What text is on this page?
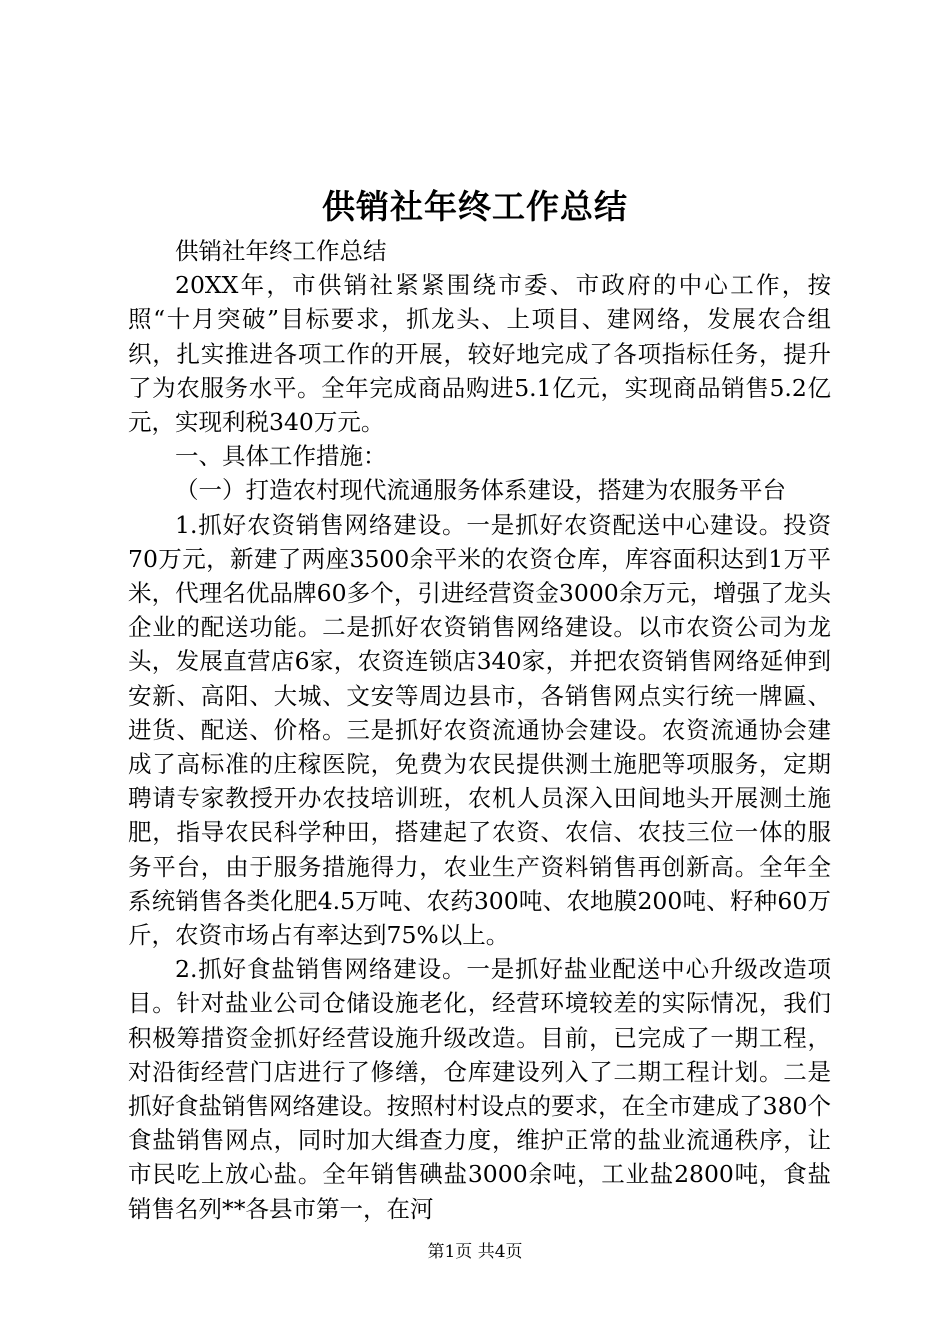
供销社年终工作总结

供销社年终工作总结

20XX年，市供销社紧紧围绕市委、市政府的中心工作，按照“十月突破”目标要求，抓龙头、上项目、建网络，发展农合组织，扎实推进各项工作的开展，较好地完成了各项指标任务，提升了为农服务水平。全年完成商品购进5.1亿元，实现商品销售5.2亿元，实现利税340万元。

一、具体工作措施：

（一）打造农村现代流通服务体系建设，搭建为农服务平台

1.抓好农资销售网络建设。一是抓好农资配送中心建设。投资70万元，新建了两座3500余平米的农资仓库，库容面积达到1万平米，代理名优品牌60多个，引进经营资金3000余万元，增强了龙头企业的配送功能。二是抓好农资销售网络建设。以市农资公司为龙头，发展直营店6家，农资连锁店340家，并把农资销售网络延伸到安新、高阳、大城、文安等周边县市，各销售网点实行统一牌匾、进货、配送、价格。三是抓好农资流通协会建设。农资流通协会建成了高标准的庄稼医院，免费为农民提供测土施肥等项服务，定期聘请专家教授开办农技培训班，农机人员深入田间地头开展测土施肥，指导农民科学种田，搭建起了农资、农信、农技三位一体的服务平台，由于服务措施得力，农业生产资料销售再创新高。全年全系统销售各类化肥4.5万吨、农药300吨、农地膜200吨、籽种60万斤，农资市场占有率达到75%以上。

2.抓好食盐销售网络建设。一是抓好盐业配送中心升级改造项目。针对盐业公司仓储设施老化，经营环境较差的实际情况，我们积极筹措资金抓好经营设施升级改造。目前，已完成了一期工程，对沿街经营门店进行了修缮，仓库建设列入了二期工程计划。二是抓好食盐销售网络建设。按照村村设点的要求，在全市建成了380个食盐销售网点，同时加大缉查力度，维护正常的盐业流通秩序，让市民吃上放心盐。全年销售碘盐3000余吨，工业盐2800吨，食盐销售名列**各县市第一，在河

第1页 共4页
